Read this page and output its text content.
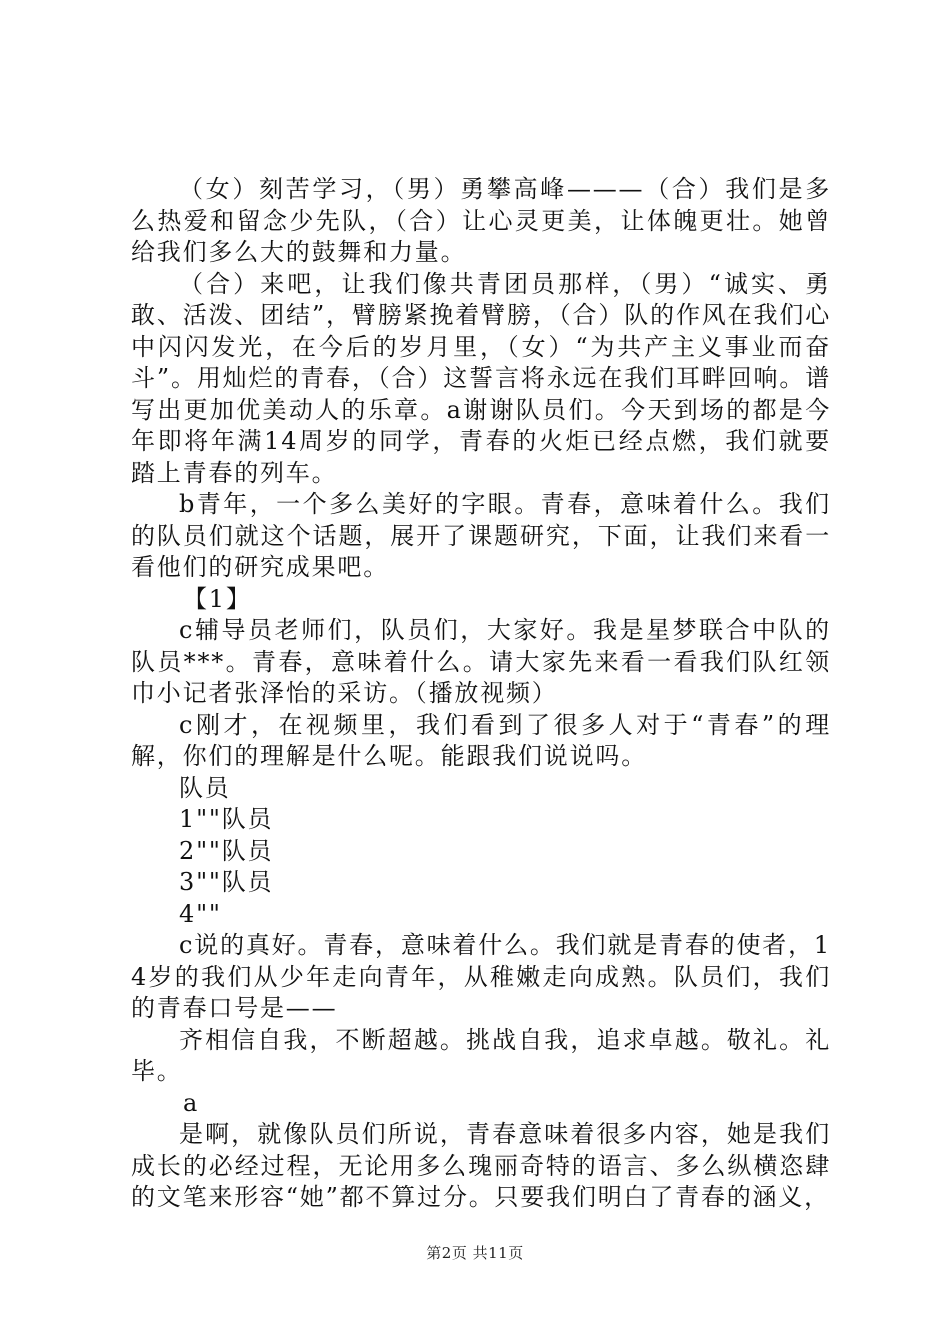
（女）刻苦学习，（男）勇攀高峰———（合）我们是多么热爱和留念少先队，（合）让心灵更美，让体魄更壮。她曾给我们多么大的鼓舞和力量。

（合）来吧，让我们像共青团员那样，（男）“诚实、勇敢、活泼、团结”，臂膀紧挽着臂膀，（合）队的作风在我们心中闪闪发光，在今后的岁月里，（女）“为共产主义事业而奋斗”。用灿烂的青春，（合）这誓言将永远在我们耳畔回响。谱写出更加优美动人的乐章。a谢谢队员们。今天到场的都是今年即将年满14周岁的同学，青春的火炬已经点燃，我们就要踏上青春的列车。

b青年，一个多么美好的字眼。青春，意味着什么。我们的队员们就这个话题，展开了课题研究，下面，让我们来看一看他们的研究成果吧。

【1】

c辅导员老师们，队员们，大家好。我是星梦联合中队的队员***。青春，意味着什么。请大家先来看一看我们队红领巾小记者张泽怡的采访。（播放视频）

c刚才，在视频里，我们看到了很多人对于“青春”的理解，你们的理解是什么呢。能跟我们说说吗。

队员

1""队员

2""队员

3""队员

4""

c说的真好。青春，意味着什么。我们就是青春的使者，14岁的我们从少年走向青年，从稚嫩走向成熟。队员们，我们的青春口号是——

齐相信自我，不断超越。挑战自我，追求卓越。敬礼。礼毕。

a

是啊，就像队员们所说，青春意味着很多内容，她是我们成长的必经过程，无论用多么瑰丽奇特的语言、多么纵横恣肆的文笔来形容“她”都不算过分。只要我们明白了青春的涵义，

第2页 共11页
